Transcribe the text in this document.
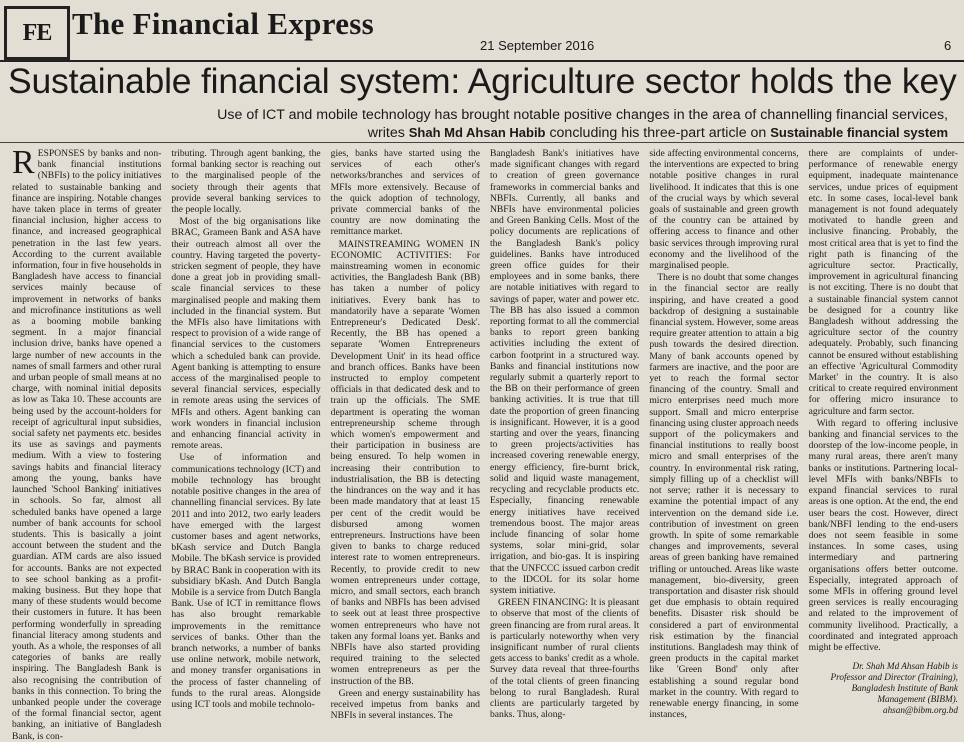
FE The Financial Express
21 September 2016	6
Sustainable financial system: Agriculture sector holds the key
Use of ICT and mobile technology has brought notable positive changes in the area of channelling financial services,
writes Shah Md Ahsan Habib concluding his three-part article on Sustainable financial system

RESPONSES by banks and non-bank financial institutions (NBFIs) to the policy initiatives related to sustainable banking and finance are inspiring. Notable changes have taken place in terms of greater financial inclusion, higher access to finance, and increased geographical penetration in the last few years. According to the current available information, four in five households in Bangladesh have access to financial services mainly because of improvement in networks of banks and microfinance institutions as well as a booming mobile banking segment. In a major financial inclusion drive, banks have opened a large number of new accounts in the names of small farmers and other rural and urban people of small means at no charge, with nominal initial deposits as low as Taka 10. These accounts are being used by the account-holders for receipt of agricultural input subsidies, social safety net payments etc. besides its use as savings and payments medium. With a view to fostering savings habits and financial literacy among the young, banks have launched 'School Banking' initiatives in schools. So far, almost all scheduled banks have opened a large number of bank accounts for school students. This is basically a joint account between the student and the guardian. ATM cards are also issued for accounts. Banks are not expected to see school banking as a profit-making business. But they hope that many of these students would become their customers in future. It has been performing wonderfully in spreading financial literacy among students and youth. As a whole, the responses of all categories of banks are really inspiring. The Bangladesh Bank is also recognising the contribution of banks in this connection. To bring the unbanked people under the coverage of the formal financial sector, agent banking, an initiative of Bangladesh Bank, is con-

tributing. Through agent banking, the formal banking sector is reaching out to the marginalised people of the society through their agents that provide several banking services to the people locally.

Most of the big organisations like BRAC, Grameen Bank and ASA have their outreach almost all over the country. Having targeted the poverty-stricken segment of people, they have done a great job in providing small-scale financial services to these marginalised people and making them included in the financial system. But the MFIs also have limitations with respect to provision of a wide range of financial services to the customers which a scheduled bank can provide. Agent banking is attempting to ensure access of the marginalised people to several financial services, especially in remote areas using the services of MFIs and others. Agent banking can work wonders in financial inclusion and enhancing financial activity in remote areas.

Use of information and communications technology (ICT) and mobile technology has brought notable positive changes in the area of channelling financial services. By late 2011 and into 2012, two early leaders have emerged with the largest customer bases and agent networks, bKash service and Dutch Bangla Mobile. The bKash service is provided by BRAC Bank in cooperation with its subsidiary bKash. And Dutch Bangla Mobile is a service from Dutch Bangla Bank. Use of ICT in remittance flows has also brought remarkable improvements in the remittance services of banks. Other than the branch networks, a number of banks use online network, mobile network, and money transfer organisations in the process of faster channeling of funds to the rural areas. Alongside using ICT tools and mobile technolo-

gies, banks have started using the services of each other's networks/branches and services of MFIs more extensively. Because of the quick adoption of technology, private commercial banks of the country are now dominating the remittance market.

MAINSTREAMING WOMEN IN ECONOMIC ACTIVITIES: For mainstreaming women in economic activities, the Bangladesh Bank (BB) has taken a number of policy initiatives. Every bank has to mandatorily have a separate 'Women Entrepreneur's Dedicated Desk'. Recently, the BB has opened a separate 'Women Entrepreneurs Development Unit' in its head office and branch offices. Banks have been instructed to employ competent officials in that dedicated desk and to train up the officials. The SME department is operating the woman entrepreneurship scheme through which women's empowerment and their participation in business are being ensured. To help women in increasing their contribution to industrialisation, the BB is detecting the hindrances on the way and it has been made mandatory that at least 15 per cent of the credit would be disbursed among women entrepreneurs. Instructions have been given to banks to charge reduced interest rate to women entrepreneurs. Recently, to provide credit to new women entrepreneurs under cottage, micro, and small sectors, each branch of banks and NBFIs has been advised to seek out at least three prospective women entrepreneurs who have not taken any formal loans yet. Banks and NBFIs have also started providing required training to the selected women entrepreneurs as per the instruction of the BB.

Green and energy sustainability has received impetus from banks and NBFIs in several instances. The

Bangladesh Bank's initiatives have made significant changes with regard to creation of green governance frameworks in commercial banks and NBFIs. Currently, all banks and NBFIs have environmental policies and Green Banking Cells. Most of the policy documents are replications of the Bangladesh Bank's policy guidelines. Banks have introduced green office guides for their employees and in some banks, there are notable initiatives with regard to savings of paper, water and power etc. The BB has also issued a common reporting format to all the commercial banks to report green banking activities including the extent of carbon footprint in a structured way. Banks and financial institutions now regularly submit a quarterly report to the BB on their performance of green banking activities. It is true that till date the proportion of green financing is insignificant. However, it is a good starting and over the years, financing to green projects/activities has increased covering renewable energy, energy efficiency, fire-burnt brick, solid and liquid waste management, recycling and recyclable products etc. Especially, financing renewable energy initiatives have received tremendous boost. The major areas include financing of solar home systems, solar mini-grid, solar irrigation, and bio-gas. It is inspiring that the UNFCCC issued carbon credit to the IDCOL for its solar home system initiative.

GREEN FINANCING: It is pleasant to observe that most of the clients of green financing are from rural areas. It is particularly noteworthy when very insignificant number of rural clients gets access to banks' credit as a whole. Survey data reveal that three-fourths of the total clients of green financing belong to rural Bangladesh. Rural clients are particularly targeted by banks. Thus, along-

side affecting environmental concerns, the interventions are expected to bring notable positive changes in rural livelihood. It indicates that this is one of the crucial ways by which several goals of sustainable and green growth of the country can be attained by offering access to finance and other basic services through improving rural economy and the livelihood of the marginalised people.

There is no doubt that some changes in the financial sector are really inspiring, and have created a good backdrop of designing a sustainable financial system. However, some areas require greater attention to attain a big push towards the desired direction. Many of bank accounts opened by farmers are inactive, and the poor are yet to reach the formal sector financing of the country. Small and micro enterprises need much more support. Small and micro enterprise financing using cluster approach needs support of the policymakers and financial institutions to really boost micro and small enterprises of the country. In environmental risk rating, simply filling up of a checklist will not serve; rather it is necessary to examine the potential impact of any intervention on the demand side i.e. contribution of investment on green growth. In spite of some remarkable changes and improvements, several areas of green banking have remained trifling or untouched. Areas like waste management, bio-diversity, green transportation and disaster risk should get due emphasis to obtain required benefits. Disaster risk should be considered a part of environmental risk estimation by the financial institutions. Bangladesh may think of green products in the capital market like 'Green Bond' only after establishing a sound regular bond market in the country. With regard to renewable energy financing, in some instances,

there are complaints of under-performance of renewable energy equipment, inadequate maintenance services, undue prices of equipment etc. In some cases, local-level bank management is not found adequately motivated to handle green and inclusive financing. Probably, the most critical area that is yet to find the right path is financing of the agriculture sector. Practically, improvement in agricultural financing is not exciting. There is no doubt that a sustainable financial system cannot be designed for a country like Bangladesh without addressing the agriculture sector of the country adequately. Probably, such financing cannot be ensured without establishing an effective 'Agricultural Commodity Market' in the country. It is also critical to create required environment for offering micro insurance to agriculture and farm sector.

With regard to offering inclusive banking and financial services to the doorstep of the low-income people, in many rural areas, there aren't many banks or institutions. Partnering local-level MFIs with banks/NBFIs to expand financial services to rural areas is one option. At the end, the end user bears the cost. However, direct bank/NBFI lending to the end-users does not seem feasible in some instances. In some cases, using intermediary and partnering organisations offers better outcome. Especially, integrated approach of some MFIs in offering ground level green services is really encouraging and related to the improvement of community livelihood. Practically, a coordinated and integrated approach might be effective.

Dr. Shah Md Ahsan Habib is
Professor and Director (Training),
Bangladesh Institute of Bank
Management (BIBM).
ahsan@bibm.org.bd
